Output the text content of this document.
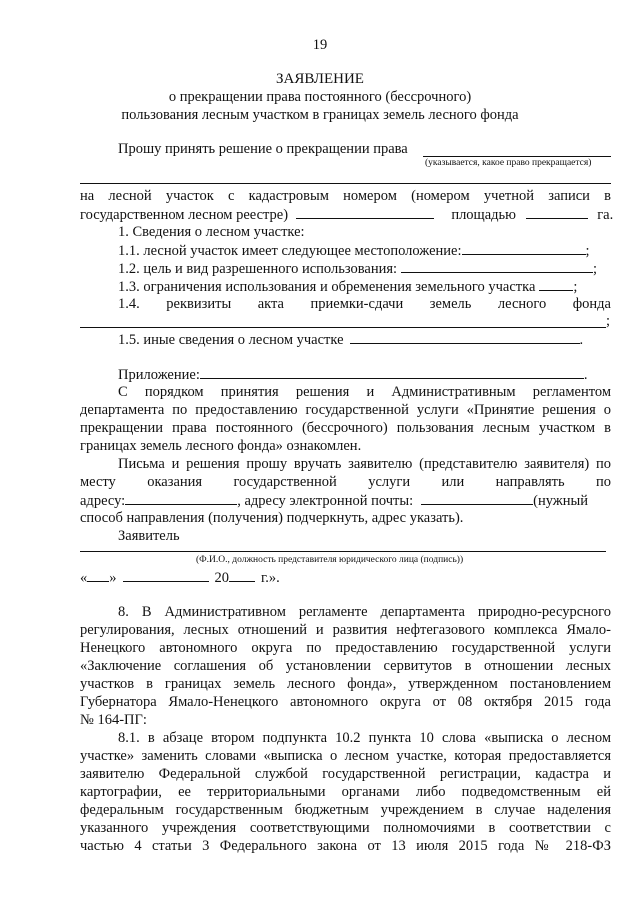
19
ЗАЯВЛЕНИЕ
о прекращении права постоянного (бессрочного)
пользования лесным участком в границах земель лесного фонда
Прошу принять решение о прекращении права
(указывается, какое право прекращается)
на лесной участок с кадастровым номером (номером учетной записи в
государственном лесном реестре)	площадью	га.
1. Сведения о лесном участке:
1.1. лесной участок имеет следующее местоположение:	;
1.2. цель и вид разрешенного использования:	;
1.3. ограничения использования и обременения земельного участка	;
1.4. реквизиты акта приемки-сдачи земель лесного фонда
;
1.5. иные сведения о лесном участке	.
Приложение:	.
С порядком принятия решения и Административным регламентом
департамента по предоставлению государственной услуги «Принятие решения о
прекращении права постоянного (бессрочного) пользования лесным участком в
границах земель лесного фонда» ознакомлен.
Письма и решения прошу вручать заявителю (представителю заявителя) по
месту оказания государственной услуги или направлять по
адресу:	, адресу электронной почты:	(нужный
способ направления (получения) подчеркнуть, адрес указать).
Заявитель
(Ф.И.О., должность представителя юридического лица (подпись))
« »	20 г.».
8. В Административном регламенте департамента природно-ресурсного
регулирования, лесных отношений и развития нефтегазового комплекса Ямало-
Ненецкого автономного округа по предоставлению государственной услуги
«Заключение соглашения об установлении сервитутов в отношении лесных
участков в границах земель лесного фонда», утвержденном постановлением
Губернатора Ямало-Ненецкого автономного округа от 08 октября 2015 года
№ 164-ПГ:
8.1. в абзаце втором подпункта 10.2 пункта 10 слова «выписка о лесном
участке» заменить словами «выписка о лесном участке, которая предоставляется
заявителю Федеральной службой государственной регистрации, кадастра и
картографии, ее территориальными органами либо подведомственным ей
федеральным государственным бюджетным учреждением в случае наделения
указанного учреждения соответствующими полномочиями в соответствии с
частью 4 статьи 3 Федерального закона от 13 июля 2015 года № 218-ФЗ
